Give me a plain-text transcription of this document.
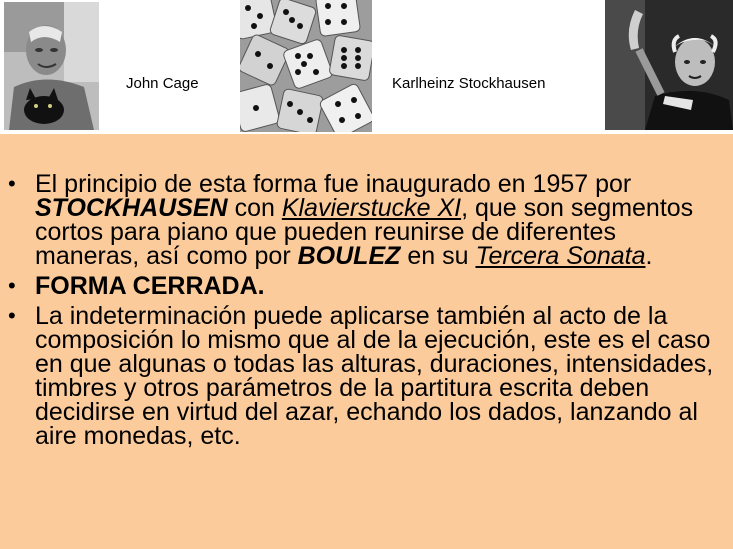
John Cage	Karlheinz Stockhausen
• El principio de esta forma fue inaugurado en 1957 por STOCKHAUSEN con Klavierstucke XI, que son segmentos cortos para piano que pueden reunirse de diferentes maneras, así como por BOULEZ en su Tercera Sonata.
• FORMA CERRADA.
• La indeterminación puede aplicarse también al acto de la composición lo mismo que al de la ejecución, este es el caso en que algunas o todas las alturas, duraciones, intensidades, timbres y otros parámetros de la partitura escrita deben decidirse en virtud del azar, echando los dados, lanzando al aire monedas, etc.
